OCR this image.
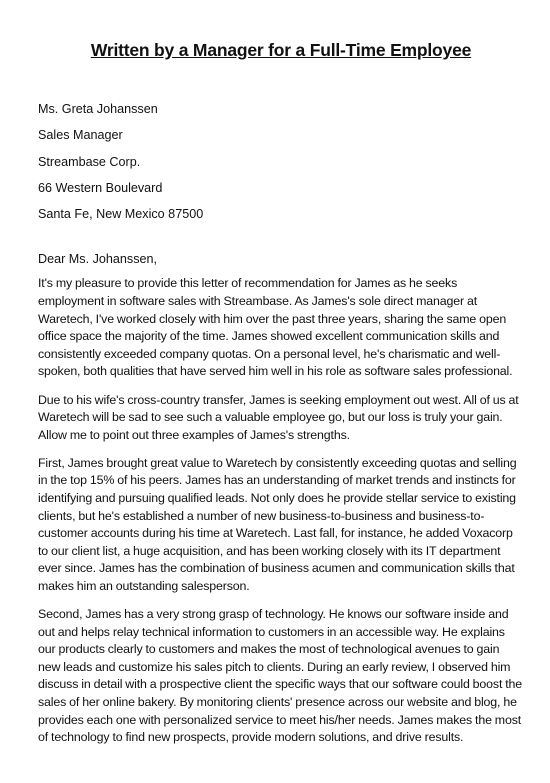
Written by a Manager for a Full-Time Employee
Ms. Greta Johanssen
Sales Manager
Streambase Corp.
66 Western Boulevard
Santa Fe, New Mexico 87500
Dear Ms. Johanssen,

It's my pleasure to provide this letter of recommendation for James as he seeks employment in software sales with Streambase. As James's sole direct manager at Waretech, I've worked closely with him over the past three years, sharing the same open office space the majority of the time. James showed excellent communication skills and consistently exceeded company quotas. On a personal level, he's charismatic and well-spoken, both qualities that have served him well in his role as software sales professional.

Due to his wife's cross-country transfer, James is seeking employment out west. All of us at Waretech will be sad to see such a valuable employee go, but our loss is truly your gain. Allow me to point out three examples of James's strengths.

First, James brought great value to Waretech by consistently exceeding quotas and selling in the top 15% of his peers. James has an understanding of market trends and instincts for identifying and pursuing qualified leads. Not only does he provide stellar service to existing clients, but he's established a number of new business-to-business and business-to-customer accounts during his time at Waretech. Last fall, for instance, he added Voxacorp to our client list, a huge acquisition, and has been working closely with its IT department ever since. James has the combination of business acumen and communication skills that makes him an outstanding salesperson.

Second, James has a very strong grasp of technology. He knows our software inside and out and helps relay technical information to customers in an accessible way. He explains our products clearly to customers and makes the most of technological avenues to gain new leads and customize his sales pitch to clients. During an early review, I observed him discuss in detail with a prospective client the specific ways that our software could boost the sales of her online bakery. By monitoring clients' presence across our website and blog, he provides each one with personalized service to meet his/her needs. James makes the most of technology to find new prospects, provide modern solutions, and drive results.
